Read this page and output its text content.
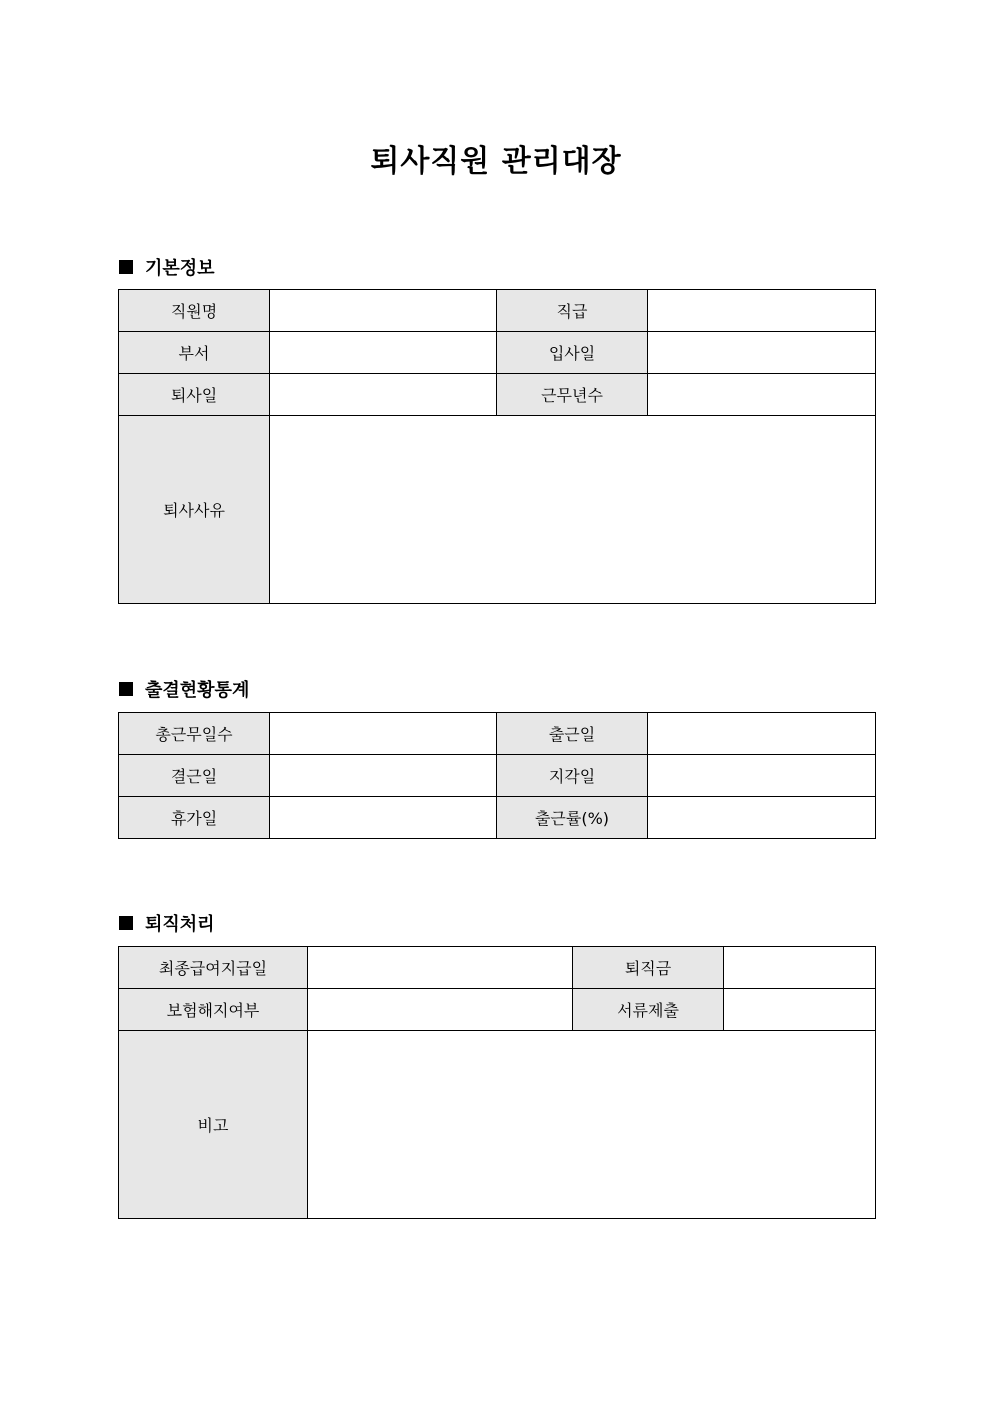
퇴사직원 관리대장
기본정보
직원명		직급	
부서		입사일	
퇴사일		근무년수	
퇴사사유			
출결현황통계
총근무일수		출근일	
결근일		지각일	
휴가일		출근률(%)	
퇴직처리
최종급여지급일		퇴직금	
보험해지여부		서류제출	
비고			
